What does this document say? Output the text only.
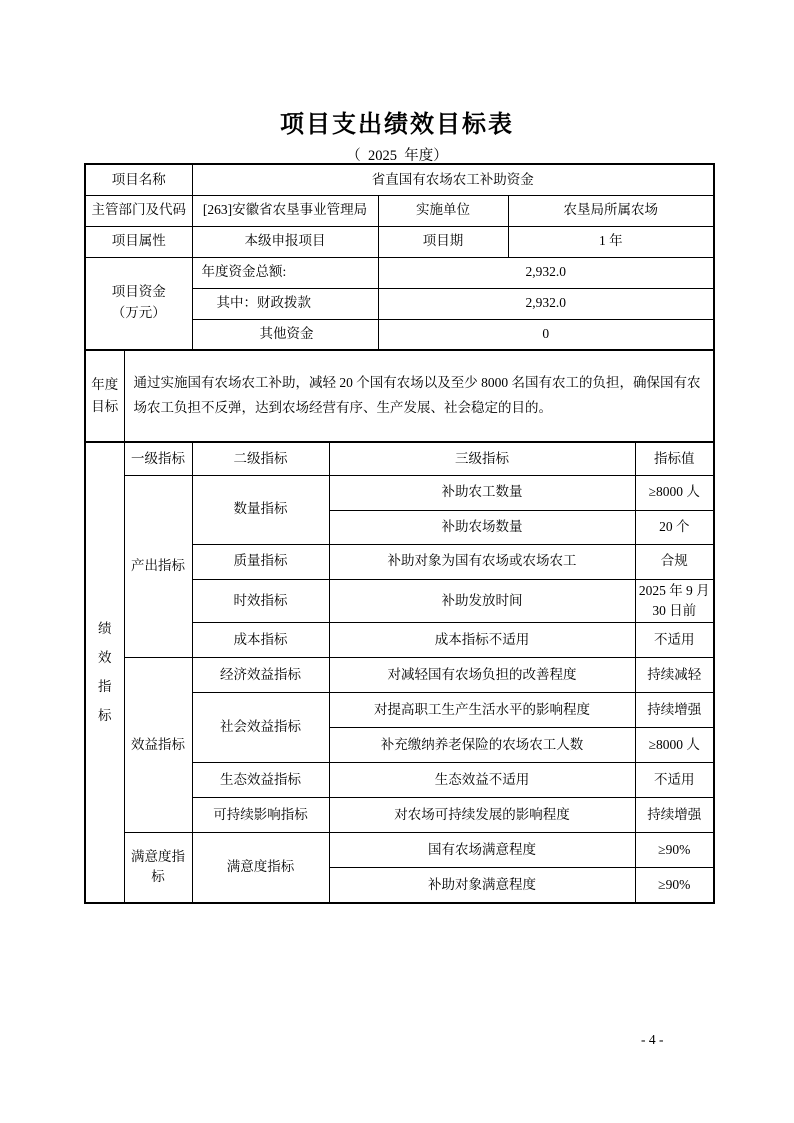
项目支出绩效目标表
（  2025  年度）
项目名称	省直国有农场农工补助资金		
主管部门及代码	[263]安徽省农垦事业管理局	实施单位	农垦局所属农场
项目属性	本级申报项目	项目期	1 年

项目资金
（万元）	年度资金总额:	2,932.0	
	其中：财政拨款	2,932.0	
	其他资金	0	
年度目标
	通过实施国有农场农工补助，减轻 20 个国有农场以及至少 8000 名国有农工的负担，确保国有农场农工负担不反弹，达到农场经营有序、生产发展、社会稳定的目的。
绩效指标	一级指标	二级指标	三级指标	指标值
	产出指标	数量指标	补助农工数量	≥8000 人
			补助农场数量	20 个
		质量指标	补助对象为国有农场或农场农工	合规
		时效指标	补助发放时间	2025 年 9 月 30 日前
		成本指标	成本指标不适用	不适用
	效益指标	经济效益指标	对减轻国有农场负担的改善程度	持续减轻
		社会效益指标	对提高职工生产生活水平的影响程度	持续增强
			补充缴纳养老保险的农场农工人数	≥8000 人
		生态效益指标	生态效益不适用	不适用
		可持续影响指标	对农场可持续发展的影响程度	持续增强

	满意度指标	满意度指标	国有农场满意程度	≥90%
			补助对象满意程度	≥90%
- 4 -
